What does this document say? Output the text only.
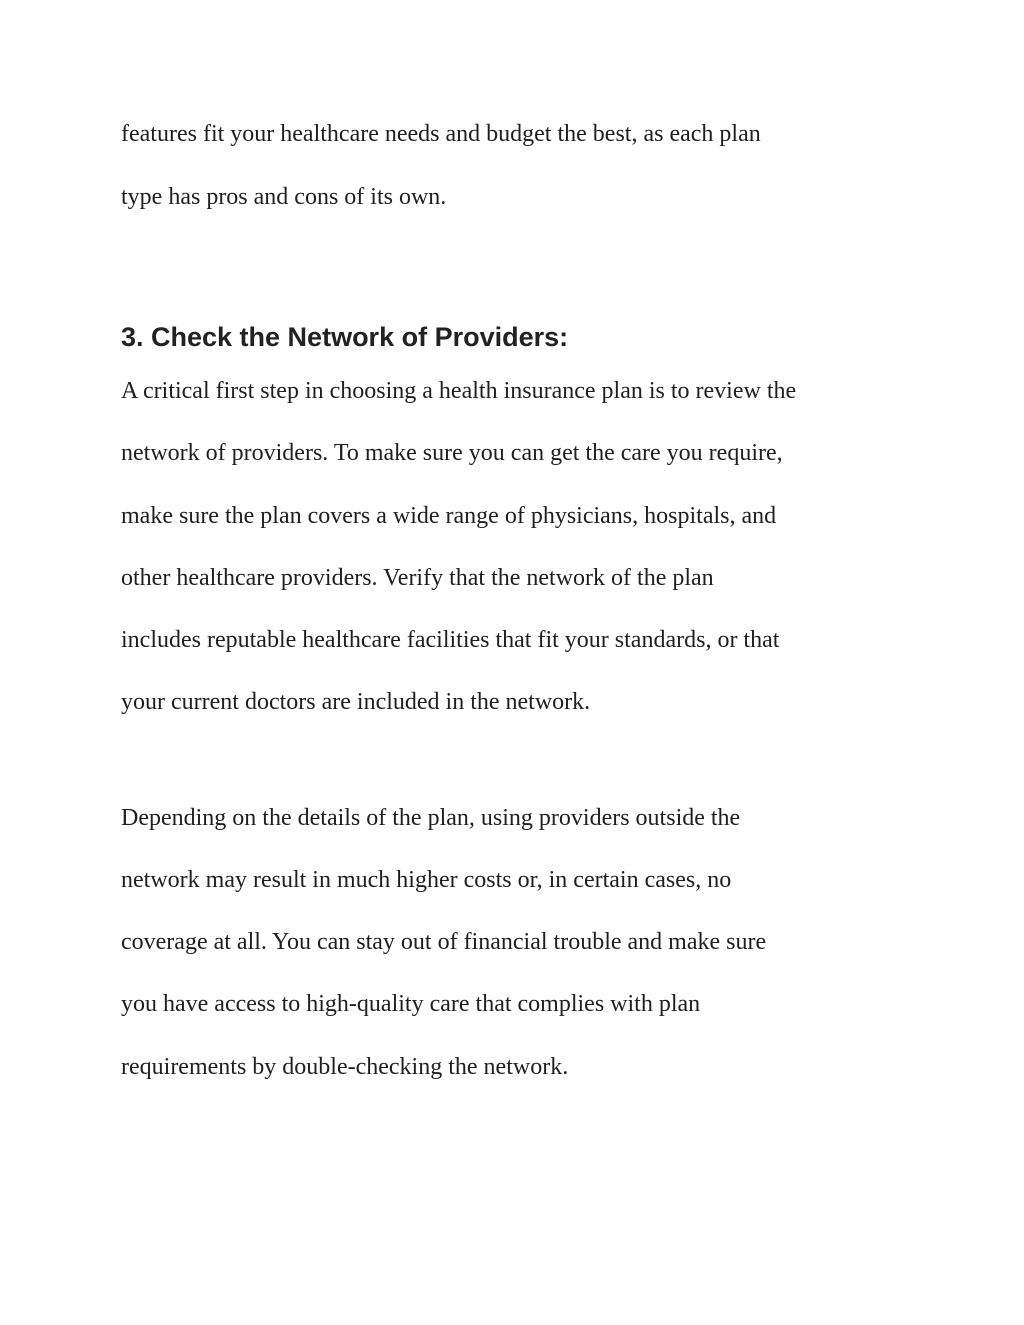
features fit your healthcare needs and budget the best, as each plan

type has pros and cons of its own.

3. Check the Network of Providers:

A critical first step in choosing a health insurance plan is to review the

network of providers. To make sure you can get the care you require,

make sure the plan covers a wide range of physicians, hospitals, and

other healthcare providers. Verify that the network of the plan

includes reputable healthcare facilities that fit your standards, or that

your current doctors are included in the network.

Depending on the details of the plan, using providers outside the

network may result in much higher costs or, in certain cases, no

coverage at all. You can stay out of financial trouble and make sure

you have access to high-quality care that complies with plan

requirements by double-checking the network.
